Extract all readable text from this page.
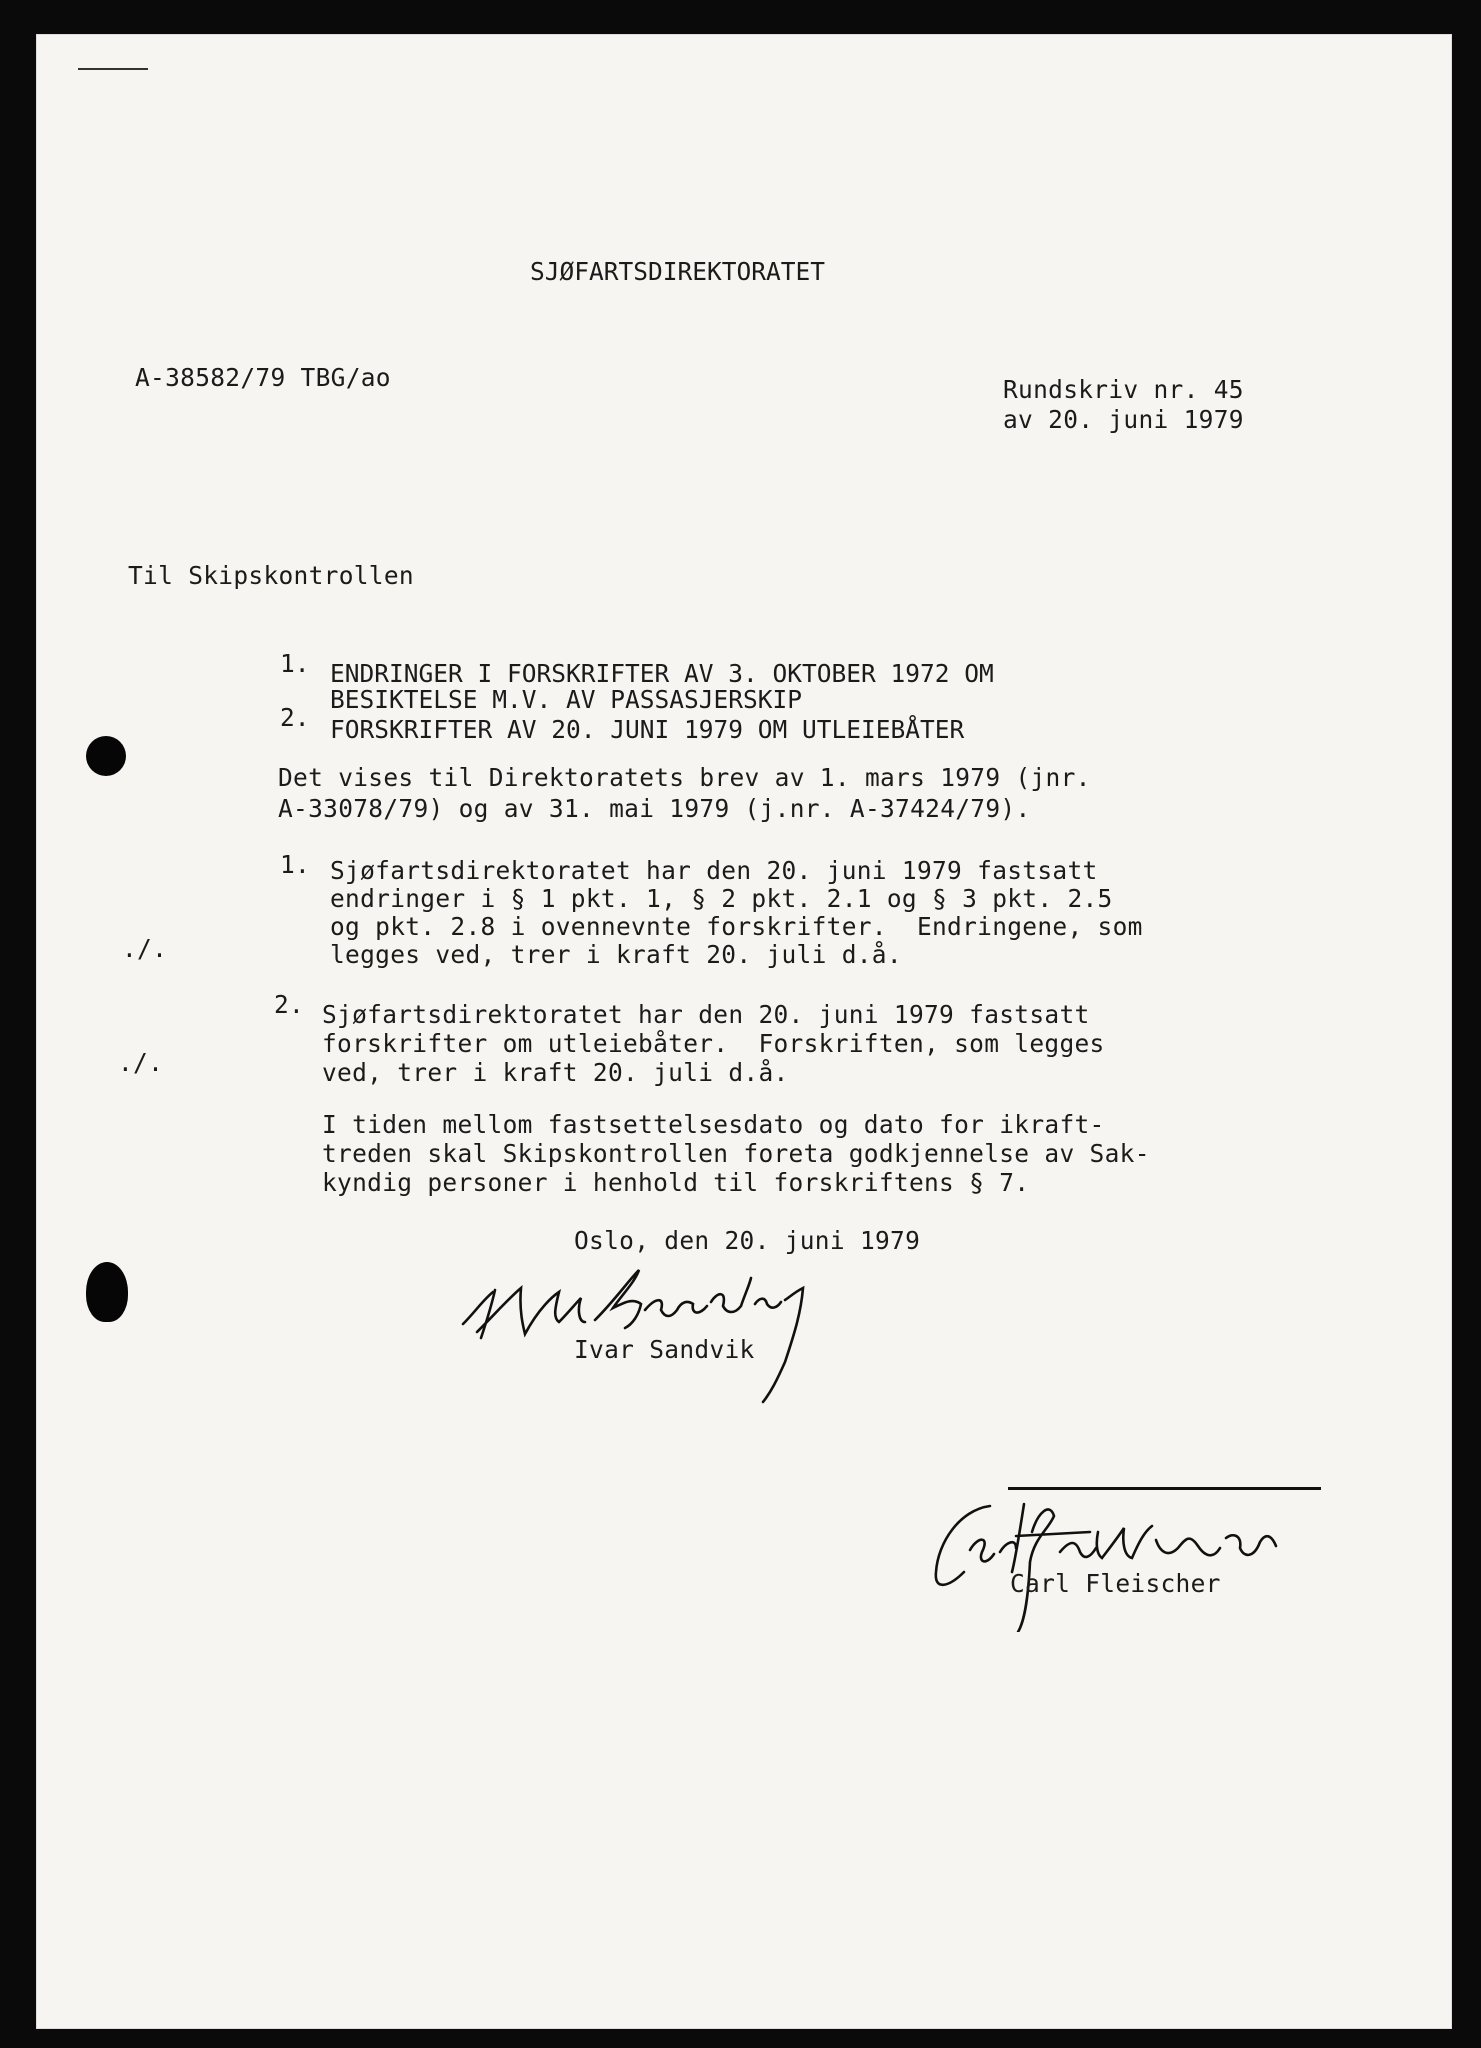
SJØFARTSDIREKTORATET
A-38582/79 TBG/ao	Rundskriv nr. 45
av 20. juni 1979
Til Skipskontrollen
1. ENDRINGER I FORSKRIFTER AV 3. OKTOBER 1972 OM
BESIKTELSE M.V. AV PASSASJERSKIP
2. FORSKRIFTER AV 20. JUNI 1979 OM UTLEIEBÅTER
Det vises til Direktoratets brev av 1. mars 1979 (jnr.
A-33078/79) og av 31. mai 1979 (j.nr. A-37424/79).
1. Sjøfartsdirektoratet har den 20. juni 1979 fastsatt
endringer i § 1 pkt. 1, § 2 pkt. 2.1 og § 3 pkt. 2.5
og pkt. 2.8 i ovennevnte forskrifter.  Endringene, som
legges ved, trer i kraft 20. juli d.å.
./.
2. Sjøfartsdirektoratet har den 20. juni 1979 fastsatt
forskrifter om utleiebåter.  Forskriften, som legges
ved, trer i kraft 20. juli d.å.
./.
I tiden mellom fastsettelsesdato og dato for ikraft-
treden skal Skipskontrollen foreta godkjennelse av Sak-
kyndig personer i henhold til forskriftens § 7.
Oslo, den 20. juni 1979
Ivar Sandvik
Carl Fleischer
